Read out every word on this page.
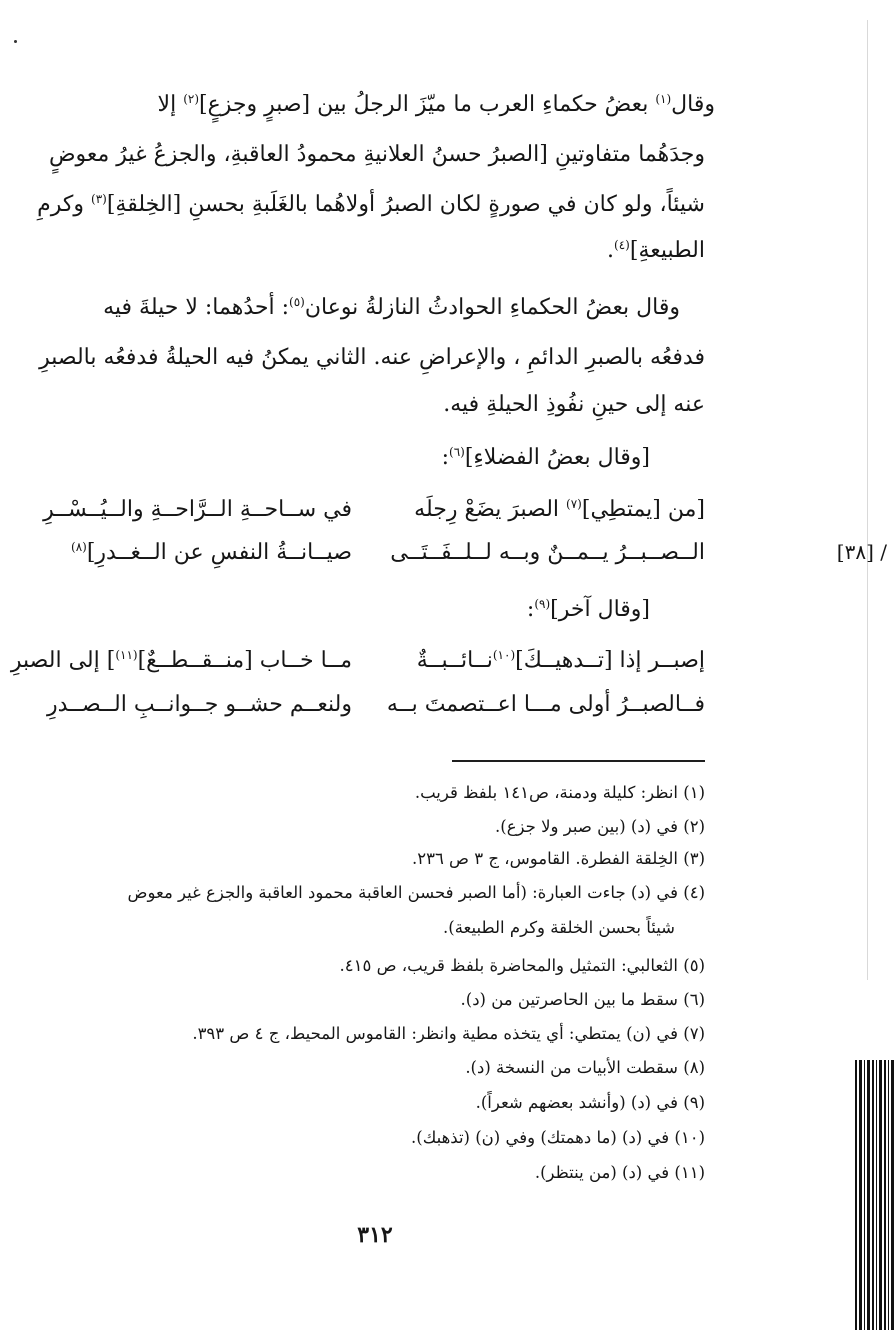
وقال$^{(١)}$ بعضُ حكماءِ العرب ما ميّزَ الرجلُ بين [صبرٍ وجزعٍ]$^{(٢)}$ إلا
وجدَهُما متفاوتينِ [الصبرُ حسنُ العلانيةِ محمودُ العاقبةِ، والجزعُ غيرُ معوضٍ
شيئاً، ولو كان في صورةٍ لكان الصبرُ أولاهُما بالغَلَبةِ بحسنِ [الخِلقةِ]$^{(٣)}$ وكرمِ
الطبيعةِ]$^{(٤)}$.
وقال بعضُ الحكماءِ الحوادثُ النازلةُ نوعان$^{(٥)}$: أحدُهما: لا حيلةَ فيه
فدفعُه بالصبرِ الدائمِ ، والإعراضِ عنه. الثاني يمكنُ فيه الحيلةُ فدفعُه بالصبرِ
عنه إلى حينِ نفُوذِ الحيلةِ فيه.
[وقال بعضُ الفضلاءِ]$^{(٦)}$:
[من [يمتطِي]$^{(٧)}$ الصبرَ يضَعْ رِجلَه
في ســاحــةِ الــرَّاحــةِ والــيُــسْــرِ
الــصــبــرُ يــمــنٌ وبــه لــلــفَــتَــى
صيــانــةُ النفسِ عن الــغــدرِ]$^{(٨)}$	[٣٨] /
[وقال آخر]$^{(٩)}$:
إصبــر إذا [تــدهيــكَ]$^{(١٠)}$نــائــبــةٌ
مــا خــاب [منــقــطــعٌ]$^{(١١)}$] إلى الصبرِ
فــالصبــرُ أولى مـــا اعــتصمتَ بــه
ولنعــم حشــو جــوانــبِ الــصــدرِ
(١) انظر: كليلة ودمنة، ص١٤١ بلفظ قريب.
(٢) في (د) (بين صبر ولا جزع).
(٣) الخِلقة الفطرة. القاموس، ج ٣ ص ٢٣٦.
(٤) في (د) جاءت العبارة: (أما الصبر فحسن العاقبة محمود العاقبة والجزع غير معوض
شيئاً بحسن الخلقة وكرم الطبيعة).
(٥) الثعالبي: التمثيل والمحاضرة بلفظ قريب، ص ٤١٥.
(٦) سقط ما بين الحاصرتين من (د).
(٧) في (ن) يمتطي: أي يتخذه مطية وانظر: القاموس المحيط، ج ٤ ص ٣٩٣.
(٨) سقطت الأبيات من النسخة (د).
(٩) في (د) (وأنشد بعضهم شعراً).
(١٠) في (د) (ما دهمتك) وفي (ن) (تذهبك).
(١١) في (د) (من ينتظر).
٣١٢
